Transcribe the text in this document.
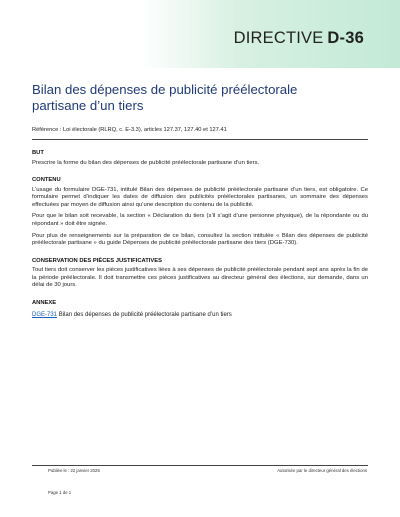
DIRECTIVE D-36
Bilan des dépenses de publicité préélectorale partisane d’un tiers
Référence : Loi électorale (RLRQ, c. E-3.3), articles 127.37, 127.40 et 127.41
BUT

Prescrire la forme du bilan des dépenses de publicité préélectorale partisane d’un tiers.

CONTENU

L’usage du formulaire DGE-731, intitulé Bilan des dépenses de publicité préélectorale partisane d’un tiers, est obligatoire. Ce formulaire permet d’indiquer les dates de diffusion des publicités préélectorales partisanes, un sommaire des dépenses effectuées par moyen de diffusion ainsi qu’une description du contenu de la publicité.

Pour que le bilan soit recevable, la section « Déclaration du tiers (s’il s’agit d’une personne physique), de la répondante ou du répondant » doit être signée.

Pour plus de renseignements sur la préparation de ce bilan, consultez la section intitulée « Bilan des dépenses de publicité préélectorale partisane » du guide Dépenses de publicité préélectorale partisane des tiers (DGE-730).

CONSERVATION DES PIÈCES JUSTIFICATIVES

Tout tiers doit conserver les pièces justificatives liées à ses dépenses de publicité préélectorale pendant sept ans après la fin de la période préélectorale. Il doit transmettre ces pièces justificatives au directeur général des élections, sur demande, dans un délai de 30 jours.

ANNEXE
DGE-731 Bilan des dépenses de publicité préélectorale partisane d’un tiers
Publiée le : 22 janvier 2026	Autorisée par le directeur général des élections
Page 1 de 1
